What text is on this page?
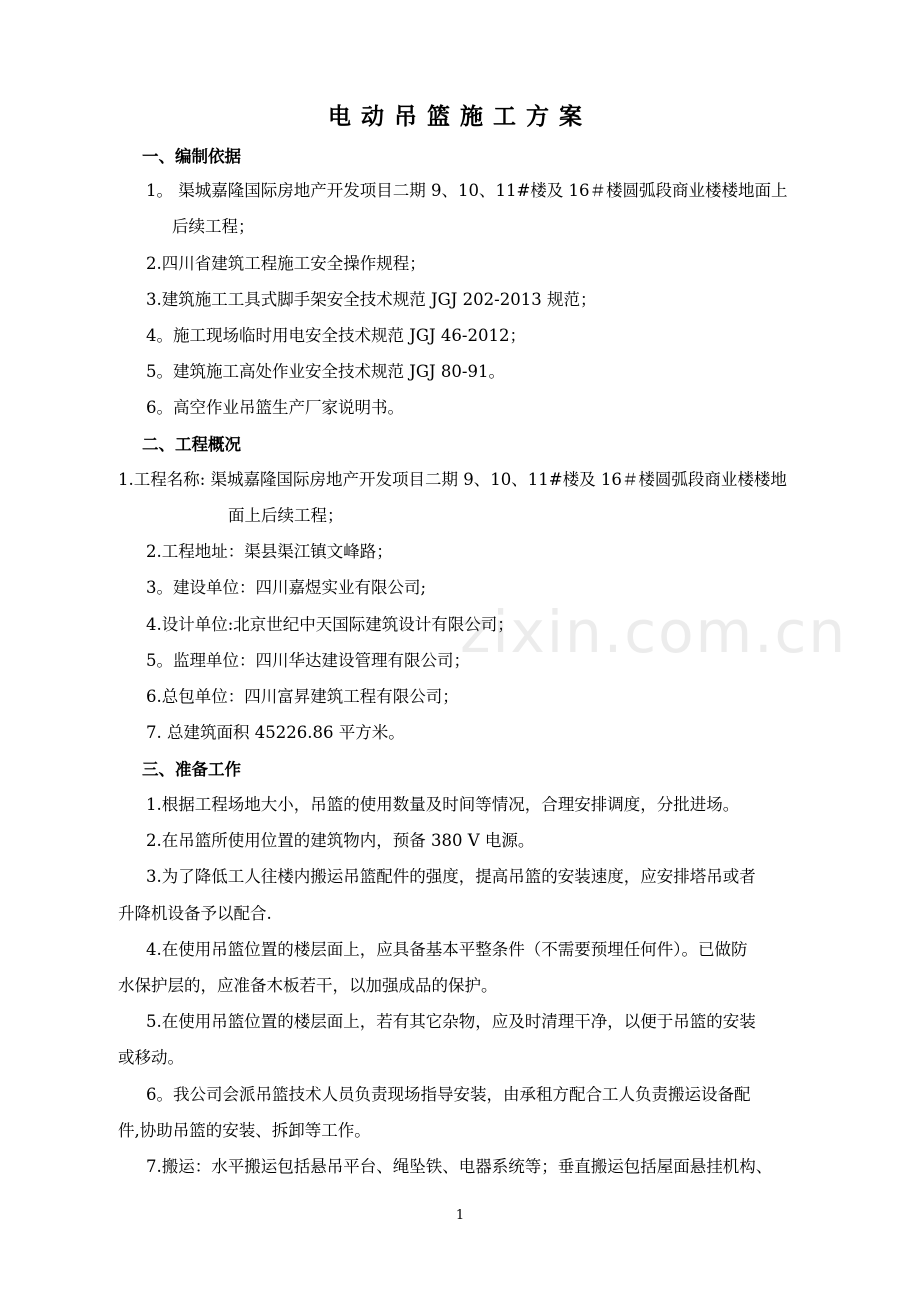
zixin.com.cn
电动吊篮施工方案
一、编制依据
1。 渠城嘉隆国际房地产开发项目二期 9、10、11#楼及 16＃楼圆弧段商业楼楼地面上
后续工程；
2.四川省建筑工程施工安全操作规程；
3.建筑施工工具式脚手架安全技术规范 JGJ 202-2013 规范；
4。施工现场临时用电安全技术规范 JGJ 46-2012；
5。建筑施工高处作业安全技术规范 JGJ 80-91。
6。高空作业吊篮生产厂家说明书。
二、工程概况
1.工程名称: 渠城嘉隆国际房地产开发项目二期 9、10、11#楼及 16＃楼圆弧段商业楼楼地
面上后续工程；
2.工程地址：渠县渠江镇文峰路；
3。建设单位：四川嘉煜实业有限公司;
4.设计单位:北京世纪中天国际建筑设计有限公司；
5。监理单位：四川华达建设管理有限公司；
6.总包单位：四川富昇建筑工程有限公司；
7. 总建筑面积 45226.86 平方米。
三、准备工作
1.根据工程场地大小，吊篮的使用数量及时间等情况，合理安排调度，分批进场。
2.在吊篮所使用位置的建筑物内，预备 380 V 电源。
3.为了降低工人往楼内搬运吊篮配件的强度，提高吊篮的安装速度，应安排塔吊或者
升降机设备予以配合.
4.在使用吊篮位置的楼层面上，应具备基本平整条件（不需要预埋任何件）。已做防
水保护层的，应准备木板若干，以加强成品的保护。
5.在使用吊篮位置的楼层面上，若有其它杂物，应及时清理干净，以便于吊篮的安装
或移动。
6。我公司会派吊篮技术人员负责现场指导安装，由承租方配合工人负责搬运设备配
件,协助吊篮的安装、拆卸等工作。
7.搬运：水平搬运包括悬吊平台、绳坠铁、电器系统等；垂直搬运包括屋面悬挂机构、
1
